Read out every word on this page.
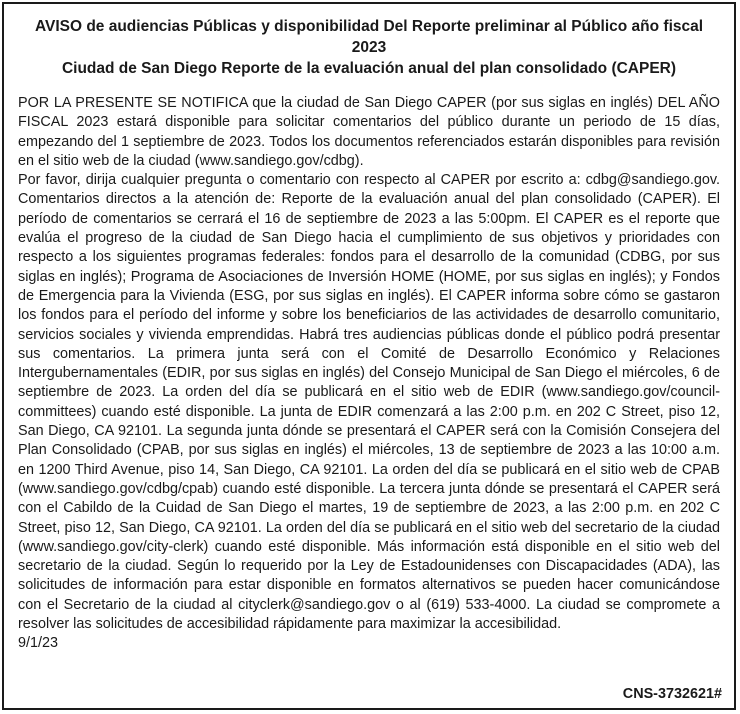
AVISO de audiencias Públicas y disponibilidad Del Reporte preliminar al Público año fiscal 2023
Ciudad de San Diego Reporte de la evaluación anual del plan consolidado (CAPER)

POR LA PRESENTE SE NOTIFICA que la ciudad de San Diego CAPER (por sus siglas en inglés) DEL AÑO FISCAL 2023 estará disponible para solicitar comentarios del público durante un periodo de 15 días, empezando del 1 septiembre de 2023. Todos los documentos referenciados estarán disponibles para revisión en el sitio web de la ciudad (www.sandiego.gov/cdbg).

Por favor, dirija cualquier pregunta o comentario con respecto al CAPER por escrito a: cdbg@sandiego.gov. Comentarios directos a la atención de: Reporte de la evaluación anual del plan consolidado (CAPER). El período de comentarios se cerrará el 16 de septiembre de 2023 a las 5:00pm. El CAPER es el reporte que evalúa el progreso de la ciudad de San Diego hacia el cumplimiento de sus objetivos y prioridades con respecto a los siguientes programas federales: fondos para el desarrollo de la comunidad (CDBG, por sus siglas en inglés); Programa de Asociaciones de Inversión HOME (HOME, por sus siglas en inglés); y Fondos de Emergencia para la Vivienda (ESG, por sus siglas en inglés). El CAPER informa sobre cómo se gastaron los fondos para el período del informe y sobre los beneficiarios de las actividades de desarrollo comunitario, servicios sociales y vivienda emprendidas. Habrá tres audiencias públicas donde el público podrá presentar sus comentarios. La primera junta será con el Comité de Desarrollo Económico y Relaciones Intergubernamentales (EDIR, por sus siglas en inglés) del Consejo Municipal de San Diego el miércoles, 6 de septiembre de 2023. La orden del día se publicará en el sitio web de EDIR (www.sandiego.gov/council-committees) cuando esté disponible. La junta de EDIR comenzará a las 2:00 p.m. en 202 C Street, piso 12, San Diego, CA 92101. La segunda junta dónde se presentará el CAPER será con la Comisión Consejera del Plan Consolidado (CPAB, por sus siglas en inglés) el miércoles, 13 de septiembre de 2023 a las 10:00 a.m. en 1200 Third Avenue, piso 14, San Diego, CA 92101. La orden del día se publicará en el sitio web de CPAB (www.sandiego.gov/cdbg/cpab) cuando esté disponible. La tercera junta dónde se presentará el CAPER será con el Cabildo de la Cuidad de San Diego el martes, 19 de septiembre de 2023, a las 2:00 p.m. en 202 C Street, piso 12, San Diego, CA 92101. La orden del día se publicará en el sitio web del secretario de la ciudad (www.sandiego.gov/city-clerk) cuando esté disponible. Más información está disponible en el sitio web del secretario de la ciudad. Según lo requerido por la Ley de Estadounidenses con Discapacidades (ADA), las solicitudes de información para estar disponible en formatos alternativos se pueden hacer comunicándose con el Secretario de la ciudad al cityclerk@sandiego.gov o al (619) 533-4000. La ciudad se compromete a resolver las solicitudes de accesibilidad rápidamente para maximizar la accesibilidad.

9/1/23
CNS-3732621#
